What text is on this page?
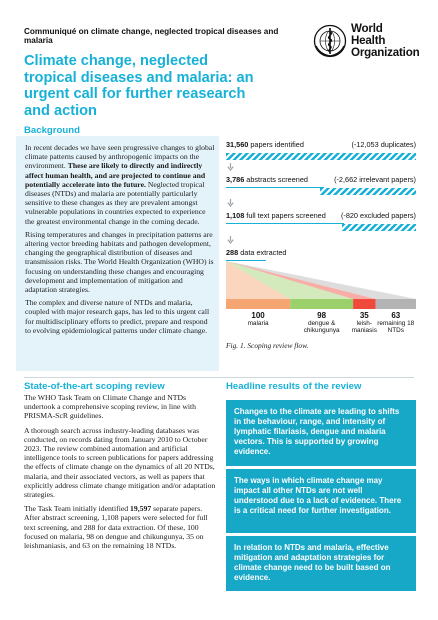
Communiqué on climate change, neglected tropical diseases and malaria
World Health
Organization
Climate change, neglected tropical diseases and malaria: an urgent call for further reasearch and action
Background

In recent decades we have seen progressive changes to global climate patterns caused by anthropogenic impacts on the environment. These are likely to directly and indirectly affect human health, and are projected to continue and potentially accelerate into the future. Neglected tropical diseases (NTDs) and malaria are potentially particularly sensitive to these changes as they are prevalent amongst vulnerable populations in countries expected to experience the greatest environmental change in the coming decade.

Rising temperatures and changes in precipitation patterns are altering vector breeding habitats and pathogen development, changing the geographical distribution of diseases and transmission risks. The World Health Organization (WHO) is focusing on understanding these changes and encouraging development and implementation of mitigation and adaptation strategies.

The complex and diverse nature of NTDs and malaria, coupled with major research gaps, has led to this urgent call for multidisciplinary efforts to predict, prepare and respond to evolving epidemiological patterns under climate change.

31,560 papers identified	(-12,053 duplicates)
3,786 abstracts screened	(-2,662 irrelevant papers)
1,108 full text papers screened (-820 excluded papers)
288 data extracted
100
malaria
98
dengue & chikungunya
35
leish-maniasis
63
remaining 18 NTDs
Fig. 1. Scoping review flow.
State-of-the-art scoping review

The WHO Task Team on Climate Change and NTDs undertook a comprehensive scoping review, in line with PRISMA-ScR guidelines.

A thorough search across industry-leading databases was conducted, on records dating from January 2010 to October 2023. The review combined automation and artificial intelligence tools to screen publications for papers addressing the effects of climate change on the dynamics of all 20 NTDs, malaria, and their associated vectors, as well as papers that explicitly address climate change mitigation and/or adaptation strategies.

The Task Team initially identified 19,597 separate papers. After abstract screening, 1,108 papers were selected for full text screening, and 288 for data extraction. Of these, 100 focused on malaria, 98 on dengue and chikungunya, 35 on leishmaniasis, and 63 on the remaining 18 NTDs.

Headline results of the review
Changes to the climate are leading to shifts in the behaviour, range, and intensity of lymphatic filariasis, dengue and malaria vectors. This is supported by growing evidence.
The ways in which climate change may impact all other NTDs are not well understood due to a lack of evidence. There is a critical need for further investigation.
In relation to NTDs and malaria, effective mitigation and adaptation strategies for climate change need to be built based on evidence.
